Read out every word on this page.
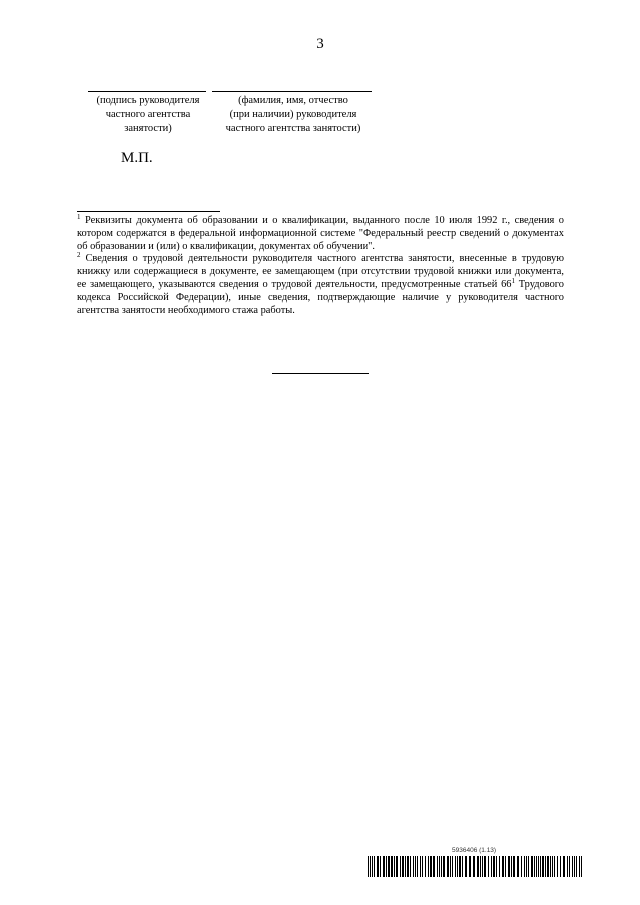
3
(подпись руководителя
частного агентства
занятости)
(фамилия, имя, отчество
(при наличии) руководителя
частного агентства занятости)
М.П.

$^1$ Реквизиты документа об образовании и о квалификации, выданного после 10 июля 1992 г., сведения о котором содержатся в федеральной информационной системе "Федеральный реестр сведений о документах об образовании и (или) о квалификации, документах об обучении".

$^2$ Сведения о трудовой деятельности руководителя частного агентства занятости, внесенные в трудовую книжку или содержащиеся в документе, ее замещающем (при отсутствии трудовой книжки или документа, ее замещающего, указываются сведения о трудовой деятельности, предусмотренные статьей $66^1$ Трудового кодекса Российской Федерации), иные сведения, подтверждающие наличие у руководителя частного агентства занятости необходимого стажа работы.

5936406 (1.13)
